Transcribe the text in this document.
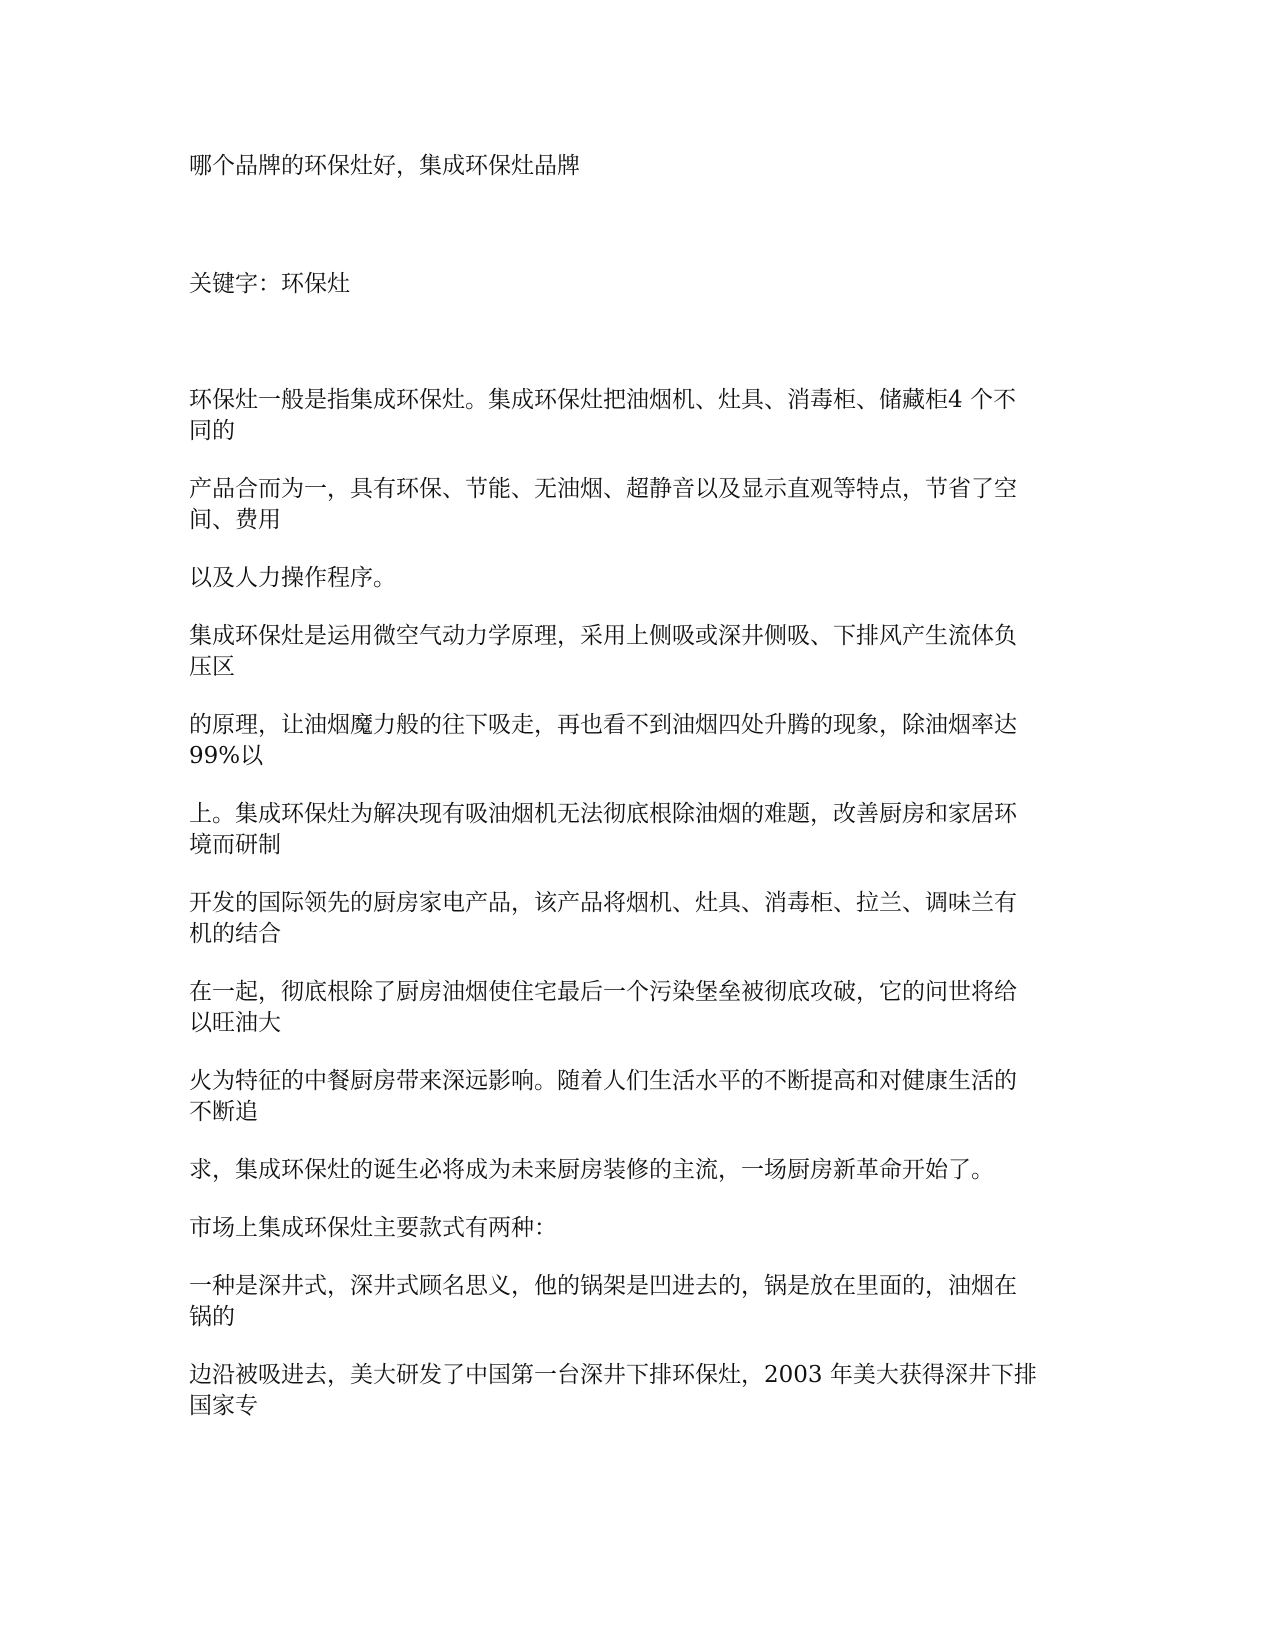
哪个品牌的环保灶好，集成环保灶品牌

关键字：环保灶

环保灶一般是指集成环保灶。集成环保灶把油烟机、灶具、消毒柜、储藏柜4 个不
同的

产品合而为一，具有环保、节能、无油烟、超静音以及显示直观等特点，节省了空
间、费用

以及人力操作程序。

集成环保灶是运用微空气动力学原理，采用上侧吸或深井侧吸、下排风产生流体负
压区

的原理，让油烟魔力般的往下吸走，再也看不到油烟四处升腾的现象，除油烟率达
99%以

上。集成环保灶为解决现有吸油烟机无法彻底根除油烟的难题，改善厨房和家居环
境而研制

开发的国际领先的厨房家电产品，该产品将烟机、灶具、消毒柜、拉兰、调味兰有
机的结合

在一起，彻底根除了厨房油烟使住宅最后一个污染堡垒被彻底攻破，它的问世将给
以旺油大

火为特征的中餐厨房带来深远影响。随着人们生活水平的不断提高和对健康生活的
不断追

求，集成环保灶的诞生必将成为未来厨房装修的主流，一场厨房新革命开始了。

市场上集成环保灶主要款式有两种：

一种是深井式，深井式顾名思义，他的锅架是凹进去的，锅是放在里面的，油烟在
锅的

边沿被吸进去，美大研发了中国第一台深井下排环保灶，2003 年美大获得深井下排
国家专
